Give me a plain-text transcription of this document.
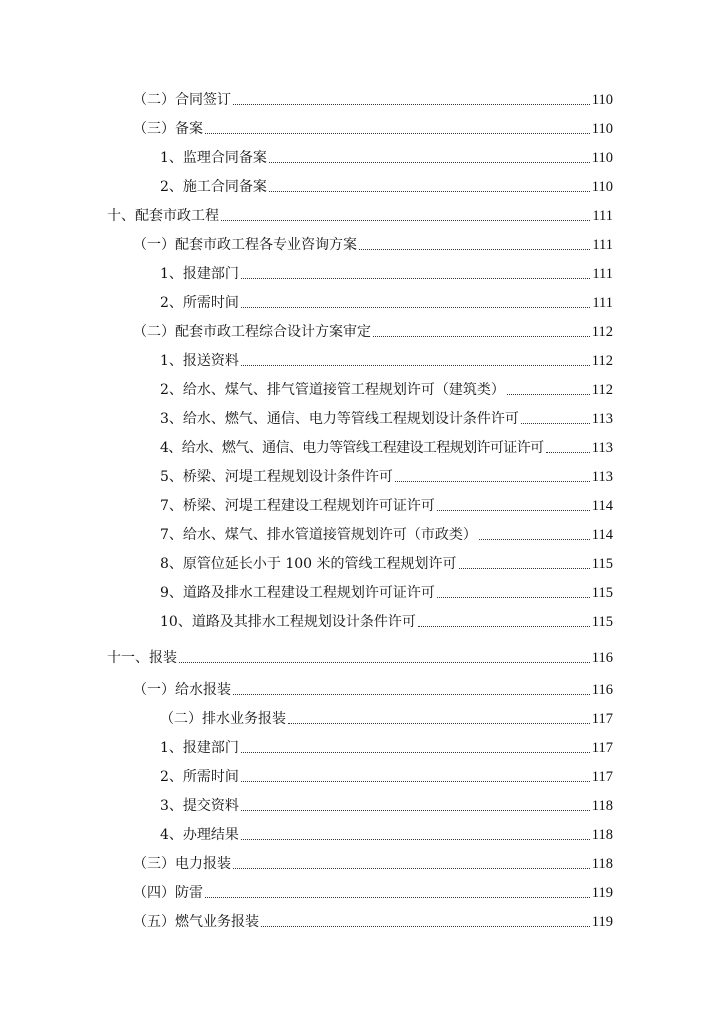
（二）合同签订	110
（三）备案	110
1、监理合同备案	110
2、施工合同备案	110
十、配套市政工程	111
（一）配套市政工程各专业咨询方案	111
1、报建部门	111
2、所需时间	111
（二）配套市政工程综合设计方案审定	112
1、报送资料	112
2、给水、煤气、排气管道接管工程规划许可（建筑类）	112
3、给水、燃气、通信、电力等管线工程规划设计条件许可	113
4、给水、燃气、通信、电力等管线工程建设工程规划许可证许可	113
5、桥梁、河堤工程规划设计条件许可	113
7、桥梁、河堤工程建设工程规划许可证许可	114
7、给水、煤气、排水管道接管规划许可（市政类）	114
8、原管位延长小于 100 米的管线工程规划许可	115
9、道路及排水工程建设工程规划许可证许可	115
10、道路及其排水工程规划设计条件许可	115
十一、报装	116
（一）给水报装	116
（二）排水业务报装	117
1、报建部门	117
2、所需时间	117
3、提交资料	118
4、办理结果	118
（三）电力报装	118
（四）防雷	119
（五）燃气业务报装	119
